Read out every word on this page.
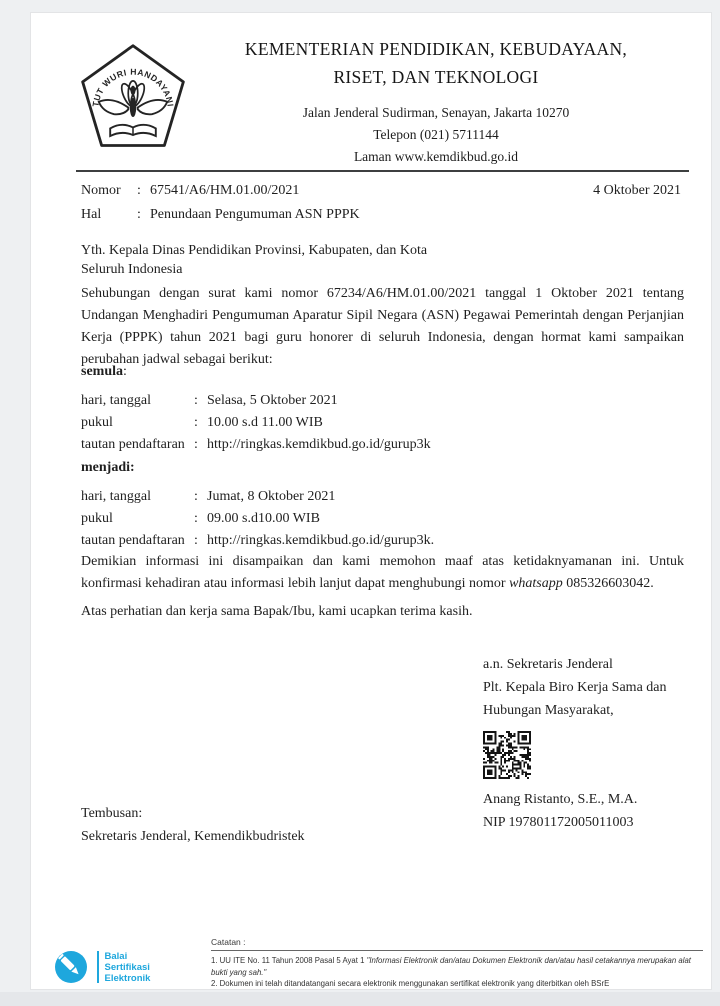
TUT WURI HANDAYANI
KEMENTERIAN PENDIDIKAN, KEBUDAYAAN,
RISET, DAN TEKNOLOGI
Jalan Jenderal Sudirman, Senayan, Jakarta 10270
Telepon (021) 5711144
Laman www.kemdikbud.go.id
Nomor : 67541/A6/HM.01.00/2021	4 Oktober 2021
Hal	: Penundaan Pengumuman ASN PPPK
Yth. Kepala Dinas Pendidikan Provinsi, Kabupaten, dan Kota
Seluruh Indonesia
Sehubungan dengan surat kami nomor 67234/A6/HM.01.00/2021 tanggal 1 Oktober 2021 tentang Undangan Menghadiri Pengumuman Aparatur Sipil Negara (ASN) Pegawai Pemerintah dengan Perjanjian Kerja (PPPK) tahun 2021 bagi guru honorer di seluruh Indonesia, dengan hormat kami sampaikan perubahan jadwal sebagai berikut:
semula:
hari, tanggal	: Selasa, 5 Oktober 2021
pukul	: 10.00 s.d 11.00 WIB
tautan pendaftaran : http://ringkas.kemdikbud.go.id/gurup3k
menjadi:
hari, tanggal	: Jumat, 8 Oktober 2021
pukul	: 09.00 s.d10.00 WIB
tautan pendaftaran : http://ringkas.kemdikbud.go.id/gurup3k.
Demikian informasi ini disampaikan dan kami memohon maaf atas ketidaknyamanan ini. Untuk konfirmasi kehadiran atau informasi lebih lanjut dapat menghubungi nomor whatsapp 085326603042.
Atas perhatian dan kerja sama Bapak/Ibu, kami ucapkan terima kasih.
a.n. Sekretaris Jenderal
Plt. Kepala Biro Kerja Sama dan
Hubungan Masyarakat,
Anang Ristanto, S.E., M.A.
NIP 197801172005011003
Tembusan:
Sekretaris Jenderal, Kemendikbudristek
Balai
Sertifikasi
Elektronik
Catatan :
1. UU ITE No. 11 Tahun 2008 Pasal 5 Ayat 1 "Informasi Elektronik dan/atau Dokumen Elektronik dan/atau hasil cetakannya merupakan alat bukti yang sah."
2. Dokumen ini telah ditandatangani secara elektronik menggunakan sertifikat elektronik yang diterbitkan oleh BSrE
